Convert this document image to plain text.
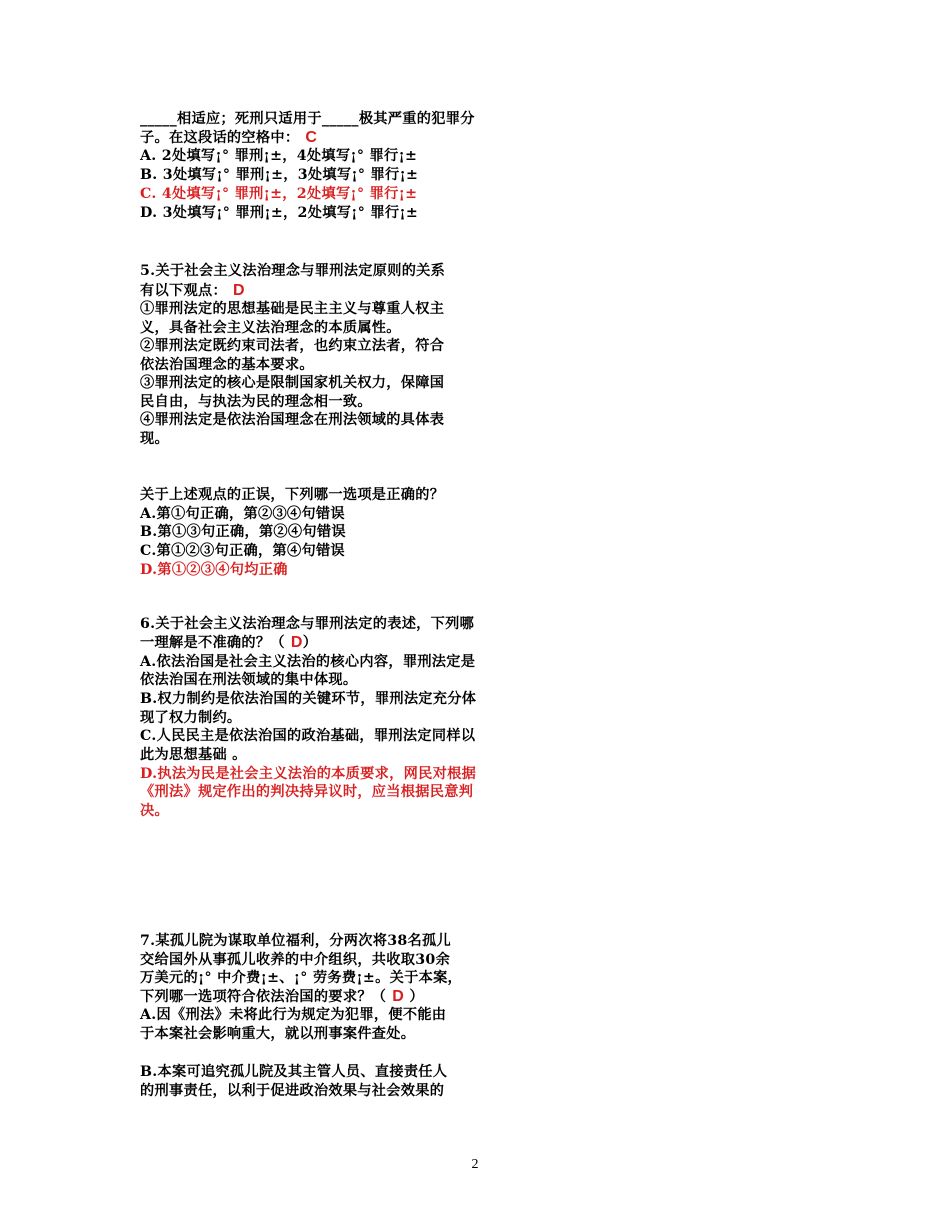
_____相适应；死刑只适用于_____极其严重的犯罪分
子。在这段话的空格中： C
A. 2处填写¡° 罪刑¡±，4处填写¡° 罪行¡±
B. 3处填写¡° 罪刑¡±，3处填写¡° 罪行¡±
C. 4处填写¡° 罪刑¡±，2处填写¡° 罪行¡±
D. 3处填写¡° 罪刑¡±，2处填写¡° 罪行¡±
5.关于社会主义法治理念与罪刑法定原则的关系
有以下观点： D
①罪刑法定的思想基础是民主主义与尊重人权主
义，具备社会主义法治理念的本质属性。
②罪刑法定既约束司法者，也约束立法者，符合
依法治国理念的基本要求。
③罪刑法定的核心是限制国家机关权力，保障国
民自由，与执法为民的理念相一致。
④罪刑法定是依法治国理念在刑法领域的具体表
现。
关于上述观点的正误，下列哪一选项是正确的？
A.第①句正确，第②③④句错误
B.第①③句正确，第②④句错误
C.第①②③句正确，第④句错误
D.第①②③④句均正确
6.关于社会主义法治理念与罪刑法定的表述，下列哪
一理解是不准确的？（ D）
A.依法治国是社会主义法治的核心内容，罪刑法定是
依法治国在刑法领域的集中体现。
B.权力制约是依法治国的关键环节，罪刑法定充分体
现了权力制约。
C.人民民主是依法治国的政治基础，罪刑法定同样以
此为思想基础 。
D.执法为民是社会主义法治的本质要求，网民对根据
《刑法》规定作出的判决持异议时，应当根据民意判
决。
7.某孤儿院为谋取单位福利，分两次将38名孤儿
交给国外从事孤儿收养的中介组织，共收取30余
万美元的¡° 中介费¡±、¡° 劳务费¡±。关于本案，
下列哪一选项符合依法治国的要求？（ D ）
A.因《刑法》未将此行为规定为犯罪，便不能由
于本案社会影响重大，就以刑事案件查处。
B.本案可追究孤儿院及其主管人员、直接责任人
的刑事责任，以利于促进政治效果与社会效果的
2
